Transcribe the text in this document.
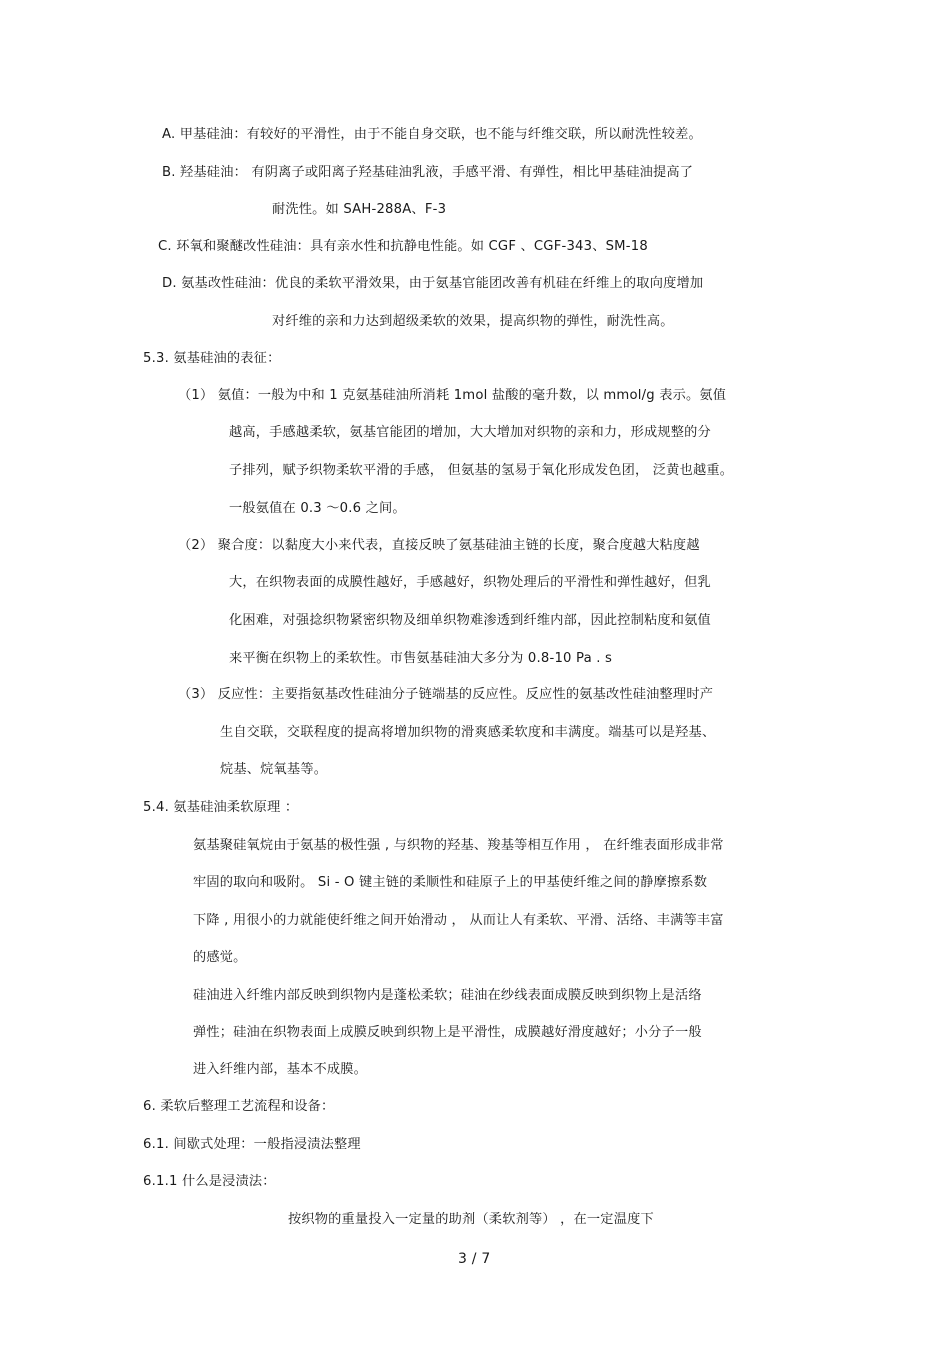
A. 甲基硅油：有较好的平滑性，由于不能自身交联，也不能与纤维交联，所以耐洗性较差。
B. 羟基硅油： 有阴离子或阳离子羟基硅油乳液，手感平滑、有弹性，相比甲基硅油提高了
耐洗性。如 SAH-288A、F-3
C. 环氧和聚醚改性硅油：具有亲水性和抗静电性能。如 CGF 、CGF-343、SM-18
D. 氨基改性硅油：优良的柔软平滑效果，由于氨基官能团改善有机硅在纤维上的取向度增加
对纤维的亲和力达到超级柔软的效果，提高织物的弹性，耐洗性高。
5.3. 氨基硅油的表征：
（1） 氨值：一般为中和 1 克氨基硅油所消耗 1mol 盐酸的毫升数，以 mmol/g 表示。氨值
越高，手感越柔软，氨基官能团的增加，大大增加对织物的亲和力，形成规整的分
子排列，赋予织物柔软平滑的手感， 但氨基的氢易于氧化形成发色团， 泛黄也越重。
一般氨值在 0.3 ～0.6 之间。
（2） 聚合度：以黏度大小来代表，直接反映了氨基硅油主链的长度，聚合度越大粘度越
大，在织物表面的成膜性越好，手感越好，织物处理后的平滑性和弹性越好，但乳
化困难，对强捻织物紧密织物及细单织物难渗透到纤维内部，因此控制粘度和氨值
来平衡在织物上的柔软性。市售氨基硅油大多分为 0.8-10 Pa . s
（3） 反应性：主要指氨基改性硅油分子链端基的反应性。反应性的氨基改性硅油整理时产
生自交联，交联程度的提高将增加织物的滑爽感柔软度和丰满度。端基可以是羟基、
烷基、烷氧基等。
5.4. 氨基硅油柔软原理 ：
氨基聚硅氧烷由于氨基的极性强 , 与织物的羟基、羧基等相互作用 ， 在纤维表面形成非常
牢固的取向和吸附。 Si - O 键主链的柔顺性和硅原子上的甲基使纤维之间的静摩擦系数
下降 , 用很小的力就能使纤维之间开始滑动 ， 从而让人有柔软、平滑、活络、丰满等丰富
的感觉。
硅油进入纤维内部反映到织物内是蓬松柔软；硅油在纱线表面成膜反映到织物上是活络
弹性；硅油在织物表面上成膜反映到织物上是平滑性，成膜越好滑度越好；小分子一般
进入纤维内部，基本不成膜。
6. 柔软后整理工艺流程和设备：
6.1. 间歇式处理：一般指浸渍法整理
6.1.1 什么是浸渍法：
按织物的重量投入一定量的助剂（柔软剂等） ，在一定温度下
3 / 7
